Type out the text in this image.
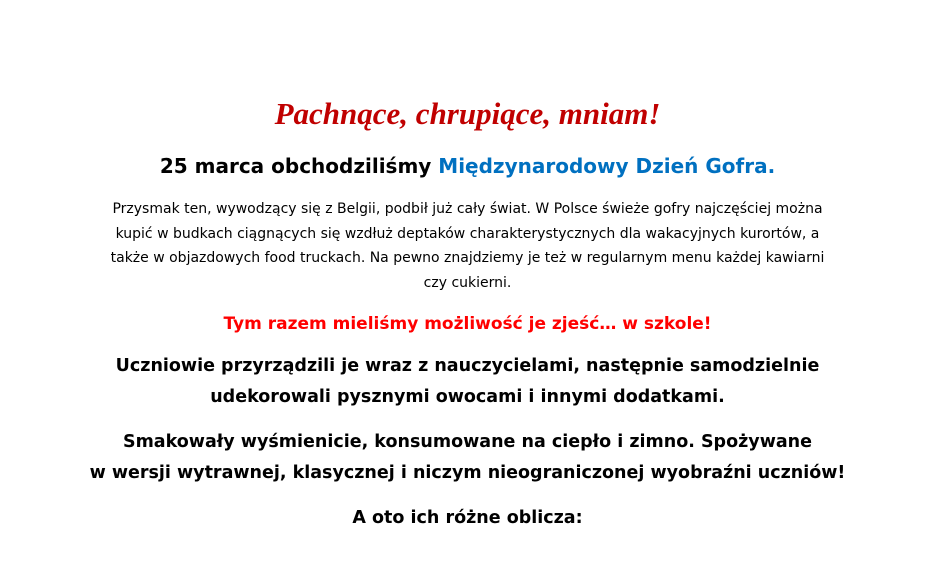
Pachnące, chrupiące, mniam!
25 marca obchodziliśmy Międzynarodowy Dzień Gofra.

Przysmak ten, wywodzący się z Belgii, podbił już cały świat. W Polsce świeże gofry najczęściej można
kupić w budkach ciągnących się wzdłuż deptaków charakterystycznych dla wakacyjnych kurortów, a
także w objazdowych food truckach. Na pewno znajdziemy je też w regularnym menu każdej kawiarni
czy cukierni.

Tym razem mieliśmy możliwość je zjeść… w szkole!

Uczniowie przyrządzili je wraz z nauczycielami, następnie samodzielnie
udekorowali pysznymi owocami i innymi dodatkami.

Smakowały wyśmienicie, konsumowane na ciepło i zimno. Spożywane
w wersji wytrawnej, klasycznej i niczym nieograniczonej wyobraźni uczniów!

A oto ich różne oblicza:
